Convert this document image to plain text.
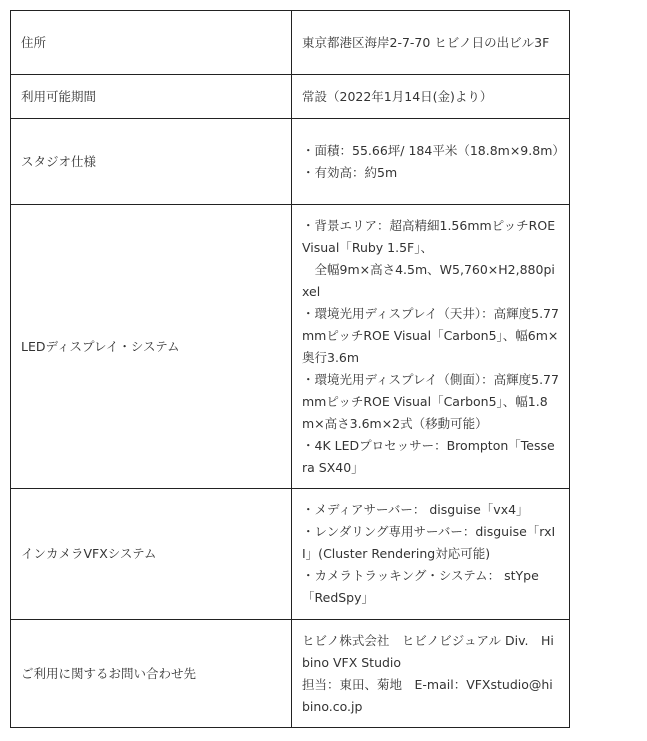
住所	東京都港区海岸2-7-70 ヒビノ日の出ビル3F

利用可能期間	常設（2022年1月14日(金)より）

スタジオ仕様	・面積：55.66坪/ 184平米（18.8m×9.8m）
・有効高：約5m

LEDディスプレイ・システム	・背景エリア：超高精細1.56mmピッチROE Visual「Ruby 1.5F」、
　全幅9m×高さ4.5m、W5,760×H2,880pixel
・環境光用ディスプレイ（天井）：高輝度5.77mmピッチROE Visual「Carbon5」、幅6m×奥行3.6m
・環境光用ディスプレイ（側面）：高輝度5.77mmピッチROE Visual「Carbon5」、幅1.8m×高さ3.6m×2式（移動可能）
・4K LEDプロセッサー：Brompton「Tessera SX40」

インカメラVFXシステム	・メディアサーバー： disguise「vx4」
・レンダリング専用サーバー：disguise「rxII」(Cluster Rendering対応可能)
・カメラトラッキング・システム： stYpe「RedSpy」

ご利用に関するお問い合わせ先	ヒビノ株式会社　ヒビノビジュアル Div.　Hibino VFX Studio
担当：東田、菊地　E-mail：VFXstudio@hibino.co.jp
